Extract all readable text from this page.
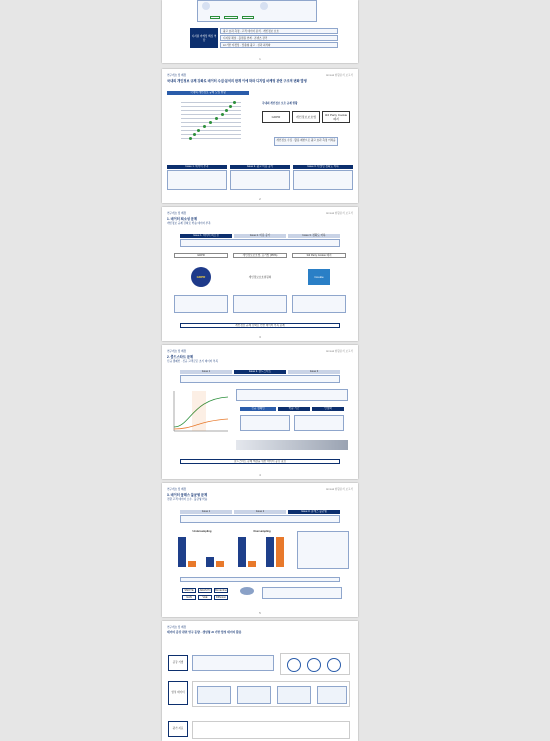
디지털 마케팅 핵심 역량
광고 효과 측정 · 고객 데이터 분석 · 개인정보 보호
디지털 채널 · 플랫폼 연계 · 콘텐츠 관리
AI 기반 타겟팅 · 맞춤형 광고 · 성과 최적화
1
연구개요 및 배경	Annual 현황분석 보고서
국내외 개인정보 규제 강화로 데이터 수집·분석의 한계 이에 따라 디지털 마케팅 관련 구조적 변화 발생
국내외 개인정보 규제 도입 현황
국내외 개인정보 보호 규제 현황
GDPR	개인정보보호법	3rd Party Cookie 폐지
개인정보 수집 · 활용 제한으로 광고 효과 측정 어려움
Issue 1. 데이터 부족	Issue 2. 광고 비용 증가	Issue 3. 타겟팅 정확도 저하
2
연구개요 및 배경	Annual 현황분석 보고서
1. 데이터 희소성 문제
개인정보 규제 강화로 학습 데이터 부족
Issue 1. 데이터 희소성	Issue 2. 비용 증가	Issue 3. 정확도 저하
GDPR	개인정보보호법, 표기법 (PIPA)	3rd Party Cookie 폐지
GDPR	개인정보보호위원회	Cookie
개인정보 규제 강화로 인한 데이터 부족 문제
3
연구개요 및 배경	Annual 현황분석 보고서
2. 콜드스타트 문제
신규 캠페인 · 신규 고객군은 초기 데이터 부족
Issue 1	Issue 2. 콜드스타트	Issue 3
신규 캠페인	학습 기간	안정화
콜드스타트 문제 해결을 위한 데이터 증강 필요
4
연구개요 및 배경	Annual 현황분석 보고서
3. 데이터 클래스 불균형 문제
전환 고객 데이터 소수 · 불균형 학습
Issue 1	Issue 2	Issue 3. 클래스 불균형
Undersampling	Oversampling
SMOTE	ADASYN	Borderline
GAN	VAE	Diffusion
5
연구개요 및 배경
데이터 증강 관련 연구 동향 · 생성형 AI 기반 합성 데이터 활용
증강 기법
합성 데이터
평가 지표
